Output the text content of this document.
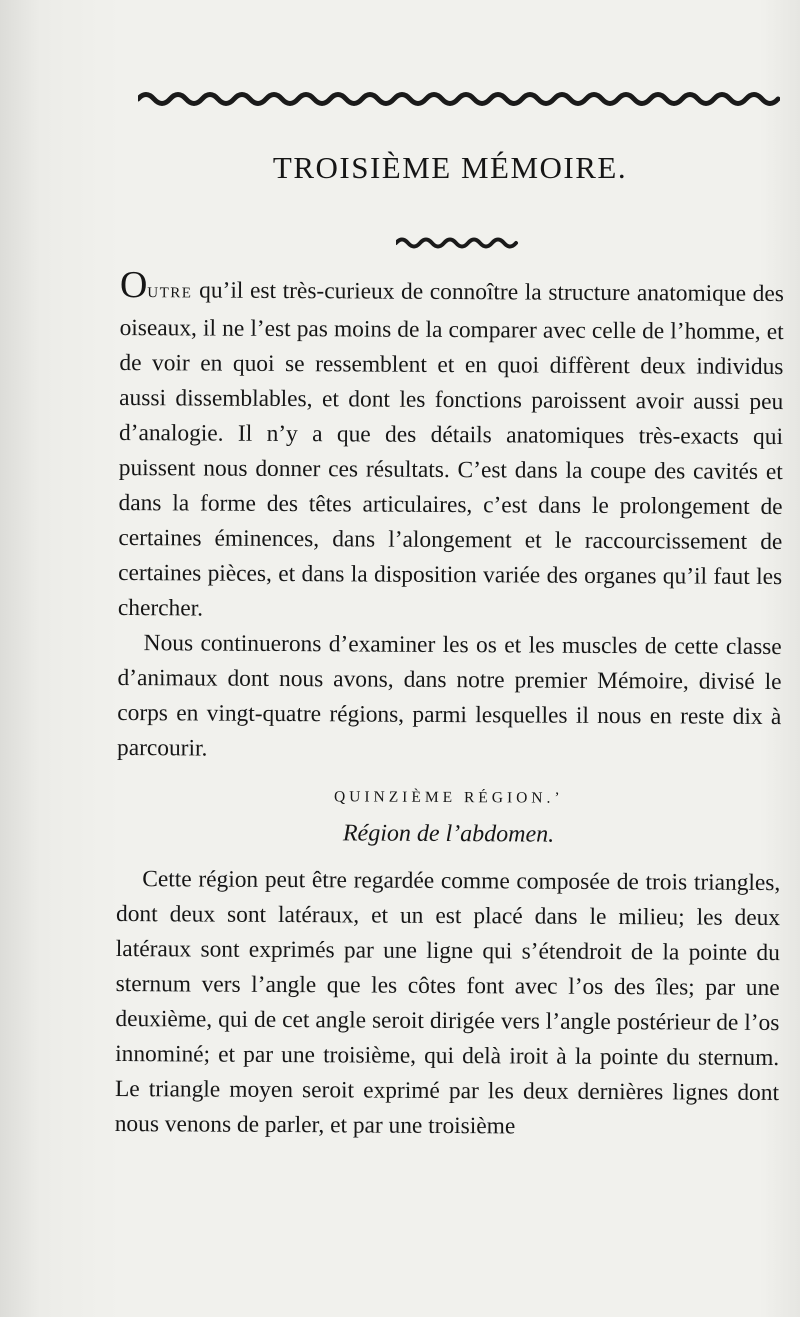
TROISIÈME MÉMOIRE.

OUTRE qu’il est très-curieux de connoître la structure anatomique des oiseaux, il ne l’est pas moins de la comparer avec celle de l’homme, et de voir en quoi se ressemblent et en quoi diffèrent deux individus aussi dissemblables, et dont les fonctions paroissent avoir aussi peu d’analogie. Il n’y a que des détails anatomiques très-exacts qui puissent nous donner ces résultats. C’est dans la coupe des cavités et dans la forme des têtes articulaires, c’est dans le prolongement de certaines éminences, dans l’alongement et le raccourcissement de certaines pièces, et dans la disposition variée des organes qu’il faut les chercher.

Nous continuerons d’examiner les os et les muscles de cette classe d’animaux dont nous avons, dans notre premier Mémoire, divisé le corps en vingt-quatre régions, parmi lesquelles il nous en reste dix à parcourir.

QUINZIÈME RÉGION.’
Région de l’abdomen.

Cette région peut être regardée comme composée de trois triangles, dont deux sont latéraux, et un est placé dans le milieu; les deux latéraux sont exprimés par une ligne qui s’étendroit de la pointe du sternum vers l’angle que les côtes font avec l’os des îles; par une deuxième, qui de cet angle seroit dirigée vers l’angle postérieur de l’os innominé; et par une troisième, qui delà iroit à la pointe du sternum. Le triangle moyen seroit exprimé par les deux dernières lignes dont nous venons de parler, et par une troisième
